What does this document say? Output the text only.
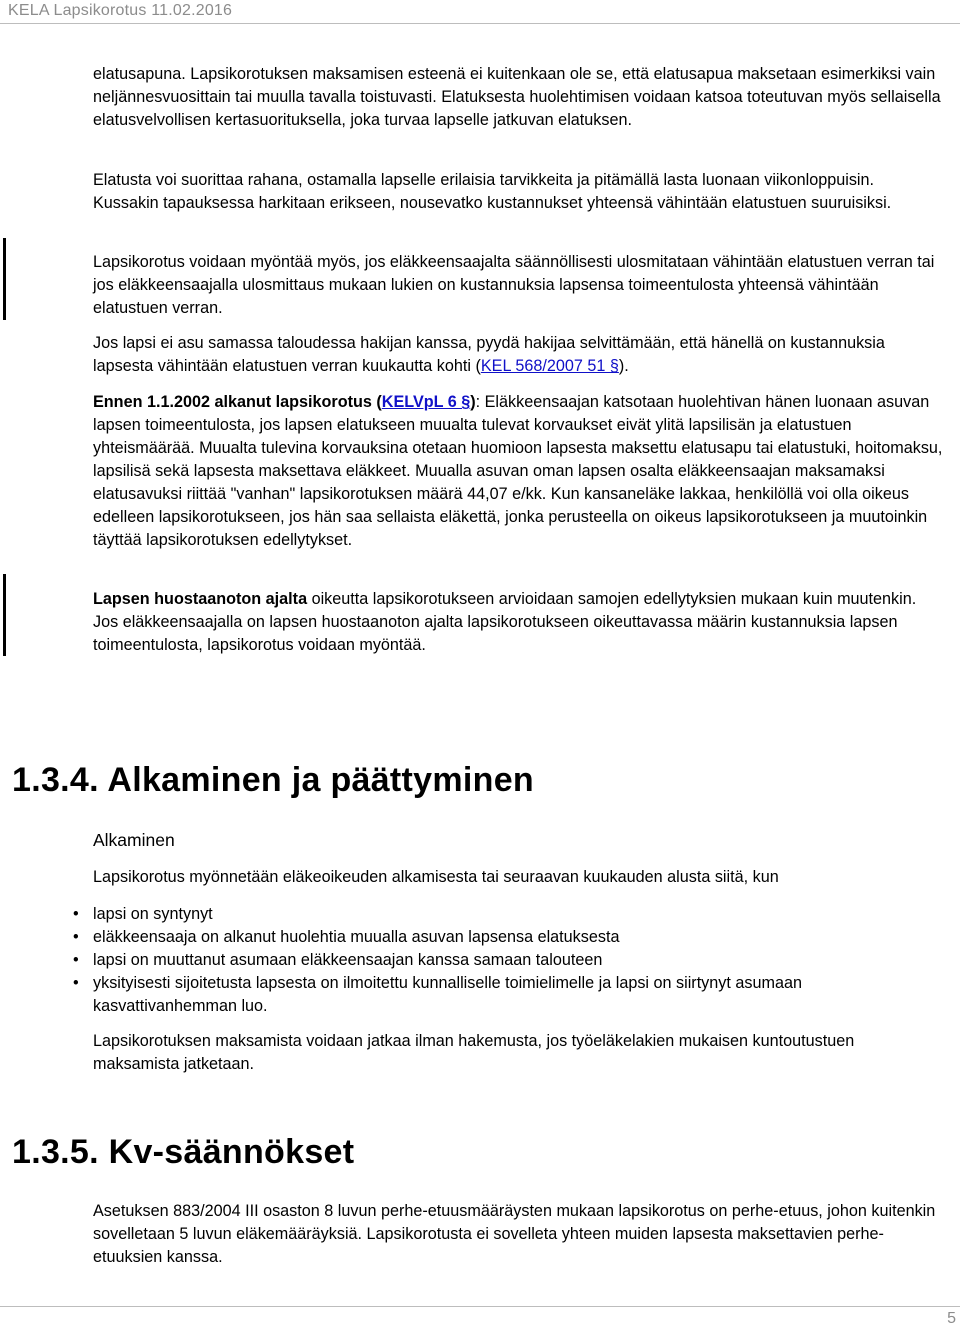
KELA Lapsikorotus 11.02.2016

elatusapuna. Lapsikorotuksen maksamisen esteenä ei kuitenkaan ole se, että elatusapua maksetaan esimerkiksi vain neljännesvuosittain tai muulla tavalla toistuvasti. Elatuksesta huolehtimisen voidaan katsoa toteutuvan myös sellaisella elatusvelvollisen kertasuorituksella, joka turvaa lapselle jatkuvan elatuksen.

Elatusta voi suorittaa rahana, ostamalla lapselle erilaisia tarvikkeita ja pitämällä lasta luonaan viikonloppuisin. Kussakin tapauksessa harkitaan erikseen, nousevatko kustannukset yhteensä vähintään elatustuen suuruisiksi.

Lapsikorotus voidaan myöntää myös, jos eläkkeensaajalta säännöllisesti ulosmitataan vähintään elatustuen verran tai jos eläkkeensaajalla ulosmittaus mukaan lukien on kustannuksia lapsensa toimeentulosta yhteensä vähintään elatustuen verran.

Jos lapsi ei asu samassa taloudessa hakijan kanssa, pyydä hakijaa selvittämään, että hänellä on kustannuksia lapsesta vähintään elatustuen verran kuukautta kohti (KEL 568/2007 51 §).

Ennen 1.1.2002 alkanut lapsikorotus (KELVpL 6 §): Eläkkeensaajan katsotaan huolehtivan hänen luonaan asuvan lapsen toimeentulosta, jos lapsen elatukseen muualta tulevat korvaukset eivät ylitä lapsilisän ja elatustuen yhteismäärää. Muualta tulevina korvauksina otetaan huomioon lapsesta maksettu elatusapu tai elatustuki, hoitomaksu, lapsilisä sekä lapsesta maksettava eläkkeet. Muualla asuvan oman lapsen osalta eläkkeensaajan maksamaksi elatusavuksi riittää "vanhan" lapsikorotuksen määrä 44,07 e/kk. Kun kansaneläke lakkaa, henkilöllä voi olla oikeus edelleen lapsikorotukseen, jos hän saa sellaista eläkettä, jonka perusteella on oikeus lapsikorotukseen ja muutoinkin täyttää lapsikorotuksen edellytykset.

Lapsen huostaanoton ajalta oikeutta lapsikorotukseen arvioidaan samojen edellytyksien mukaan kuin muutenkin. Jos eläkkeensaajalla on lapsen huostaanoton ajalta lapsikorotukseen oikeuttavassa määrin kustannuksia lapsen toimeentulosta, lapsikorotus voidaan myöntää.

1.3.4. Alkaminen ja päättyminen
Alkaminen

Lapsikorotus myönnetään eläkeoikeuden alkamisesta tai seuraavan kuukauden alusta siitä, kun

• lapsi on syntynyt
• eläkkeensaaja on alkanut huolehtia muualla asuvan lapsensa elatuksesta
• lapsi on muuttanut asumaan eläkkeensaajan kanssa samaan talouteen
• yksityisesti sijoitetusta lapsesta on ilmoitettu kunnalliselle toimielimelle ja lapsi on siirtynyt asumaan kasvattivanhemman luo.

Lapsikorotuksen maksamista voidaan jatkaa ilman hakemusta, jos työeläkelakien mukaisen kuntoutustuen maksamista jatketaan.

1.3.5. Kv-säännökset

Asetuksen 883/2004 III osaston 8 luvun perhe-etuusmääräysten mukaan lapsikorotus on perhe-etuus, johon kuitenkin sovelletaan 5 luvun eläkemääräyksiä. Lapsikorotusta ei sovelleta yhteen muiden lapsesta maksettavien perhe-etuuksien kanssa.

5
